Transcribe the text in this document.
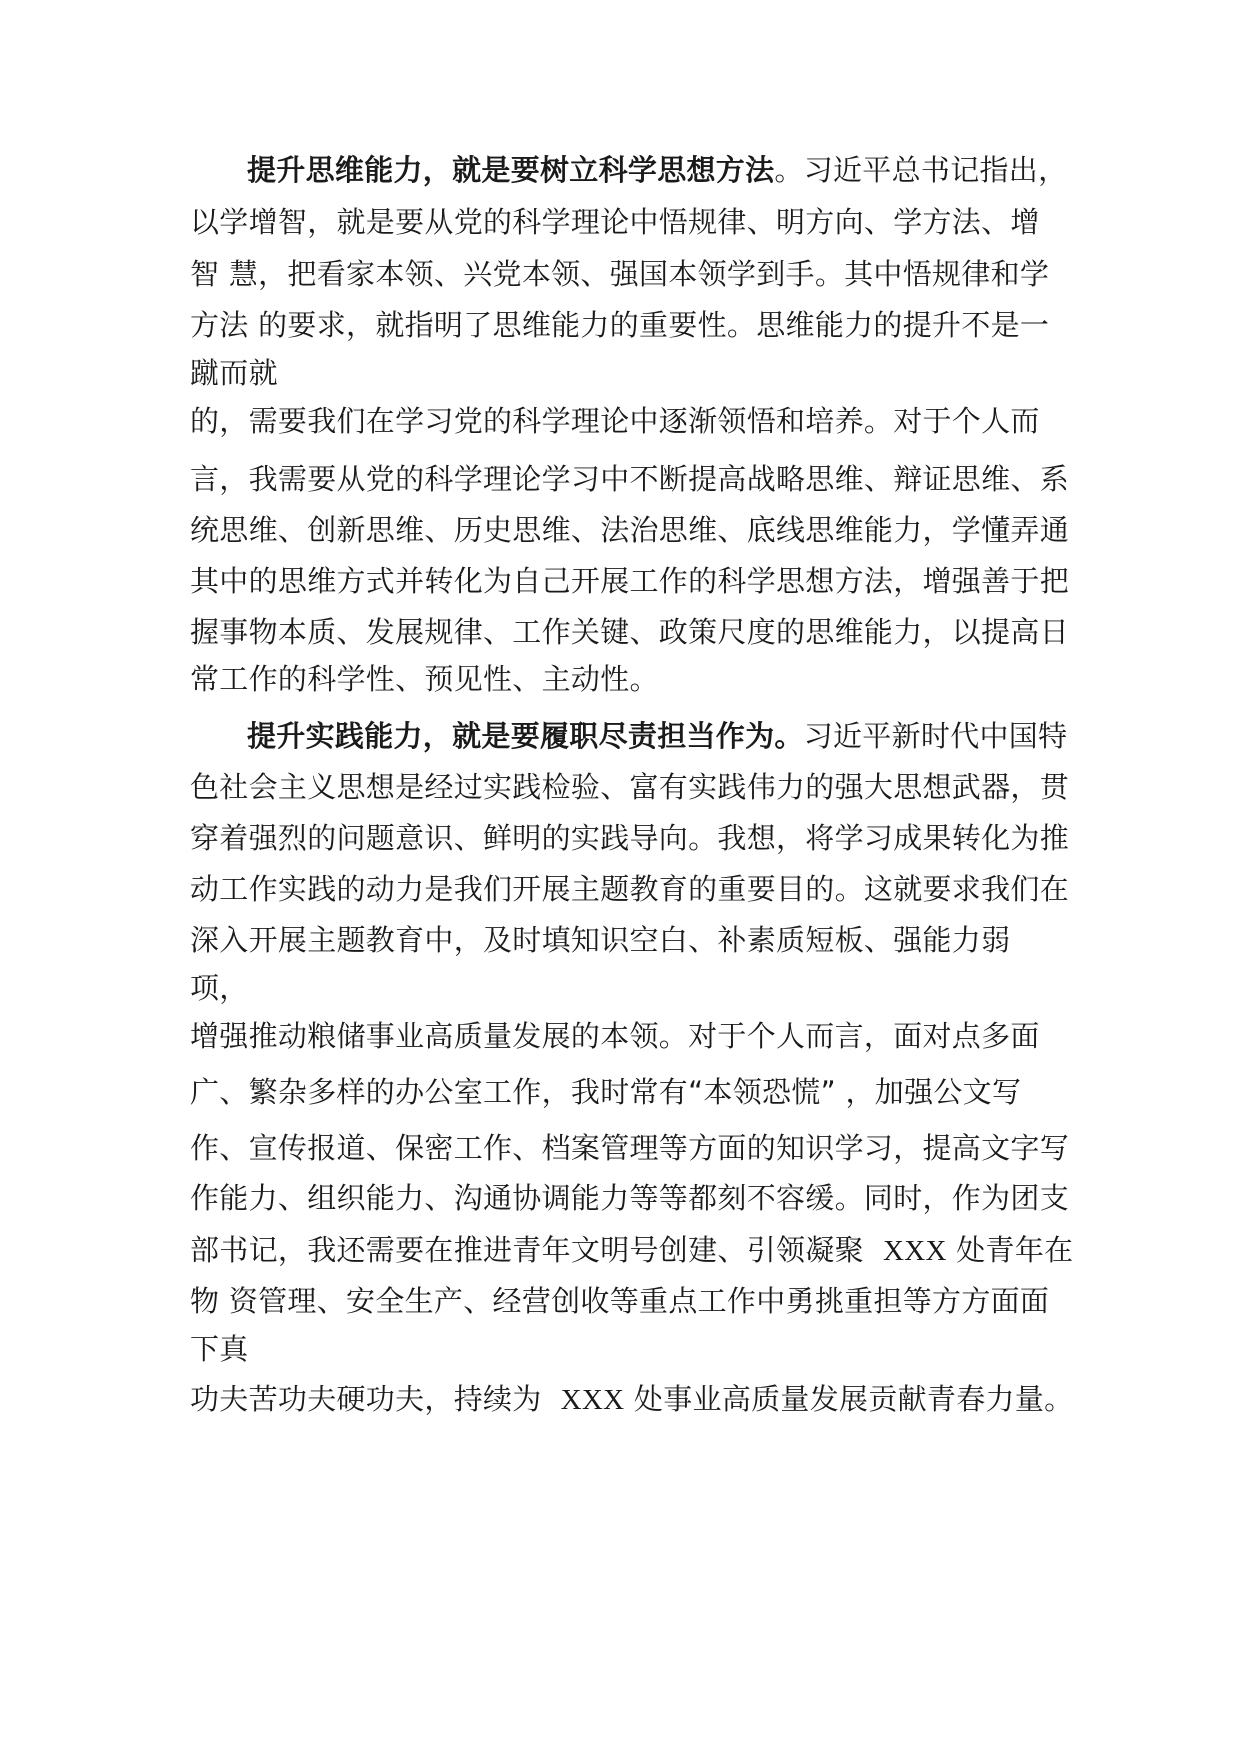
提升思维能力，就是要树立科学思想方法。习近平总书记指出，
以学增智，就是要从党的科学理论中悟规律、明方向、学方法、增
智 慧，把看家本领、兴党本领、强国本领学到手。其中悟规律和学
方法 的要求，就指明了思维能力的重要性。思维能力的提升不是一
蹴而就
的，需要我们在学习党的科学理论中逐渐领悟和培养。对于个人而
言，我需要从党的科学理论学习中不断提高战略思维、辩证思维、系
统思维、创新思维、历史思维、法治思维、底线思维能力，学懂弄通
其中的思维方式并转化为自己开展工作的科学思想方法，增强善于把
握事物本质、发展规律、工作关键、政策尺度的思维能力，以提高日
常工作的科学性、预见性、主动性。
提升实践能力，就是要履职尽责担当作为。习近平新时代中国特
色社会主义思想是经过实践检验、富有实践伟力的强大思想武器，贯
穿着强烈的问题意识、鲜明的实践导向。我想，将学习成果转化为推
动工作实践的动力是我们开展主题教育的重要目的。这就要求我们在
深入开展主题教育中，及时填知识空白、补素质短板、强能力弱
项，
增强推动粮储事业高质量发展的本领。对于个人而言，面对点多面
广、繁杂多样的办公室工作，我时常有“本领恐慌” ，加强公文写
作、宣传报道、保密工作、档案管理等方面的知识学习，提高文字写
作能力、组织能力、沟通协调能力等等都刻不容缓。同时，作为团支
部书记，我还需要在推进青年文明号创建、引领凝聚 XXX 处青年在
物 资管理、安全生产、经营创收等重点工作中勇挑重担等方方面面
下真
功夫苦功夫硬功夫，持续为 XXX 处事业高质量发展贡献青春力量。
